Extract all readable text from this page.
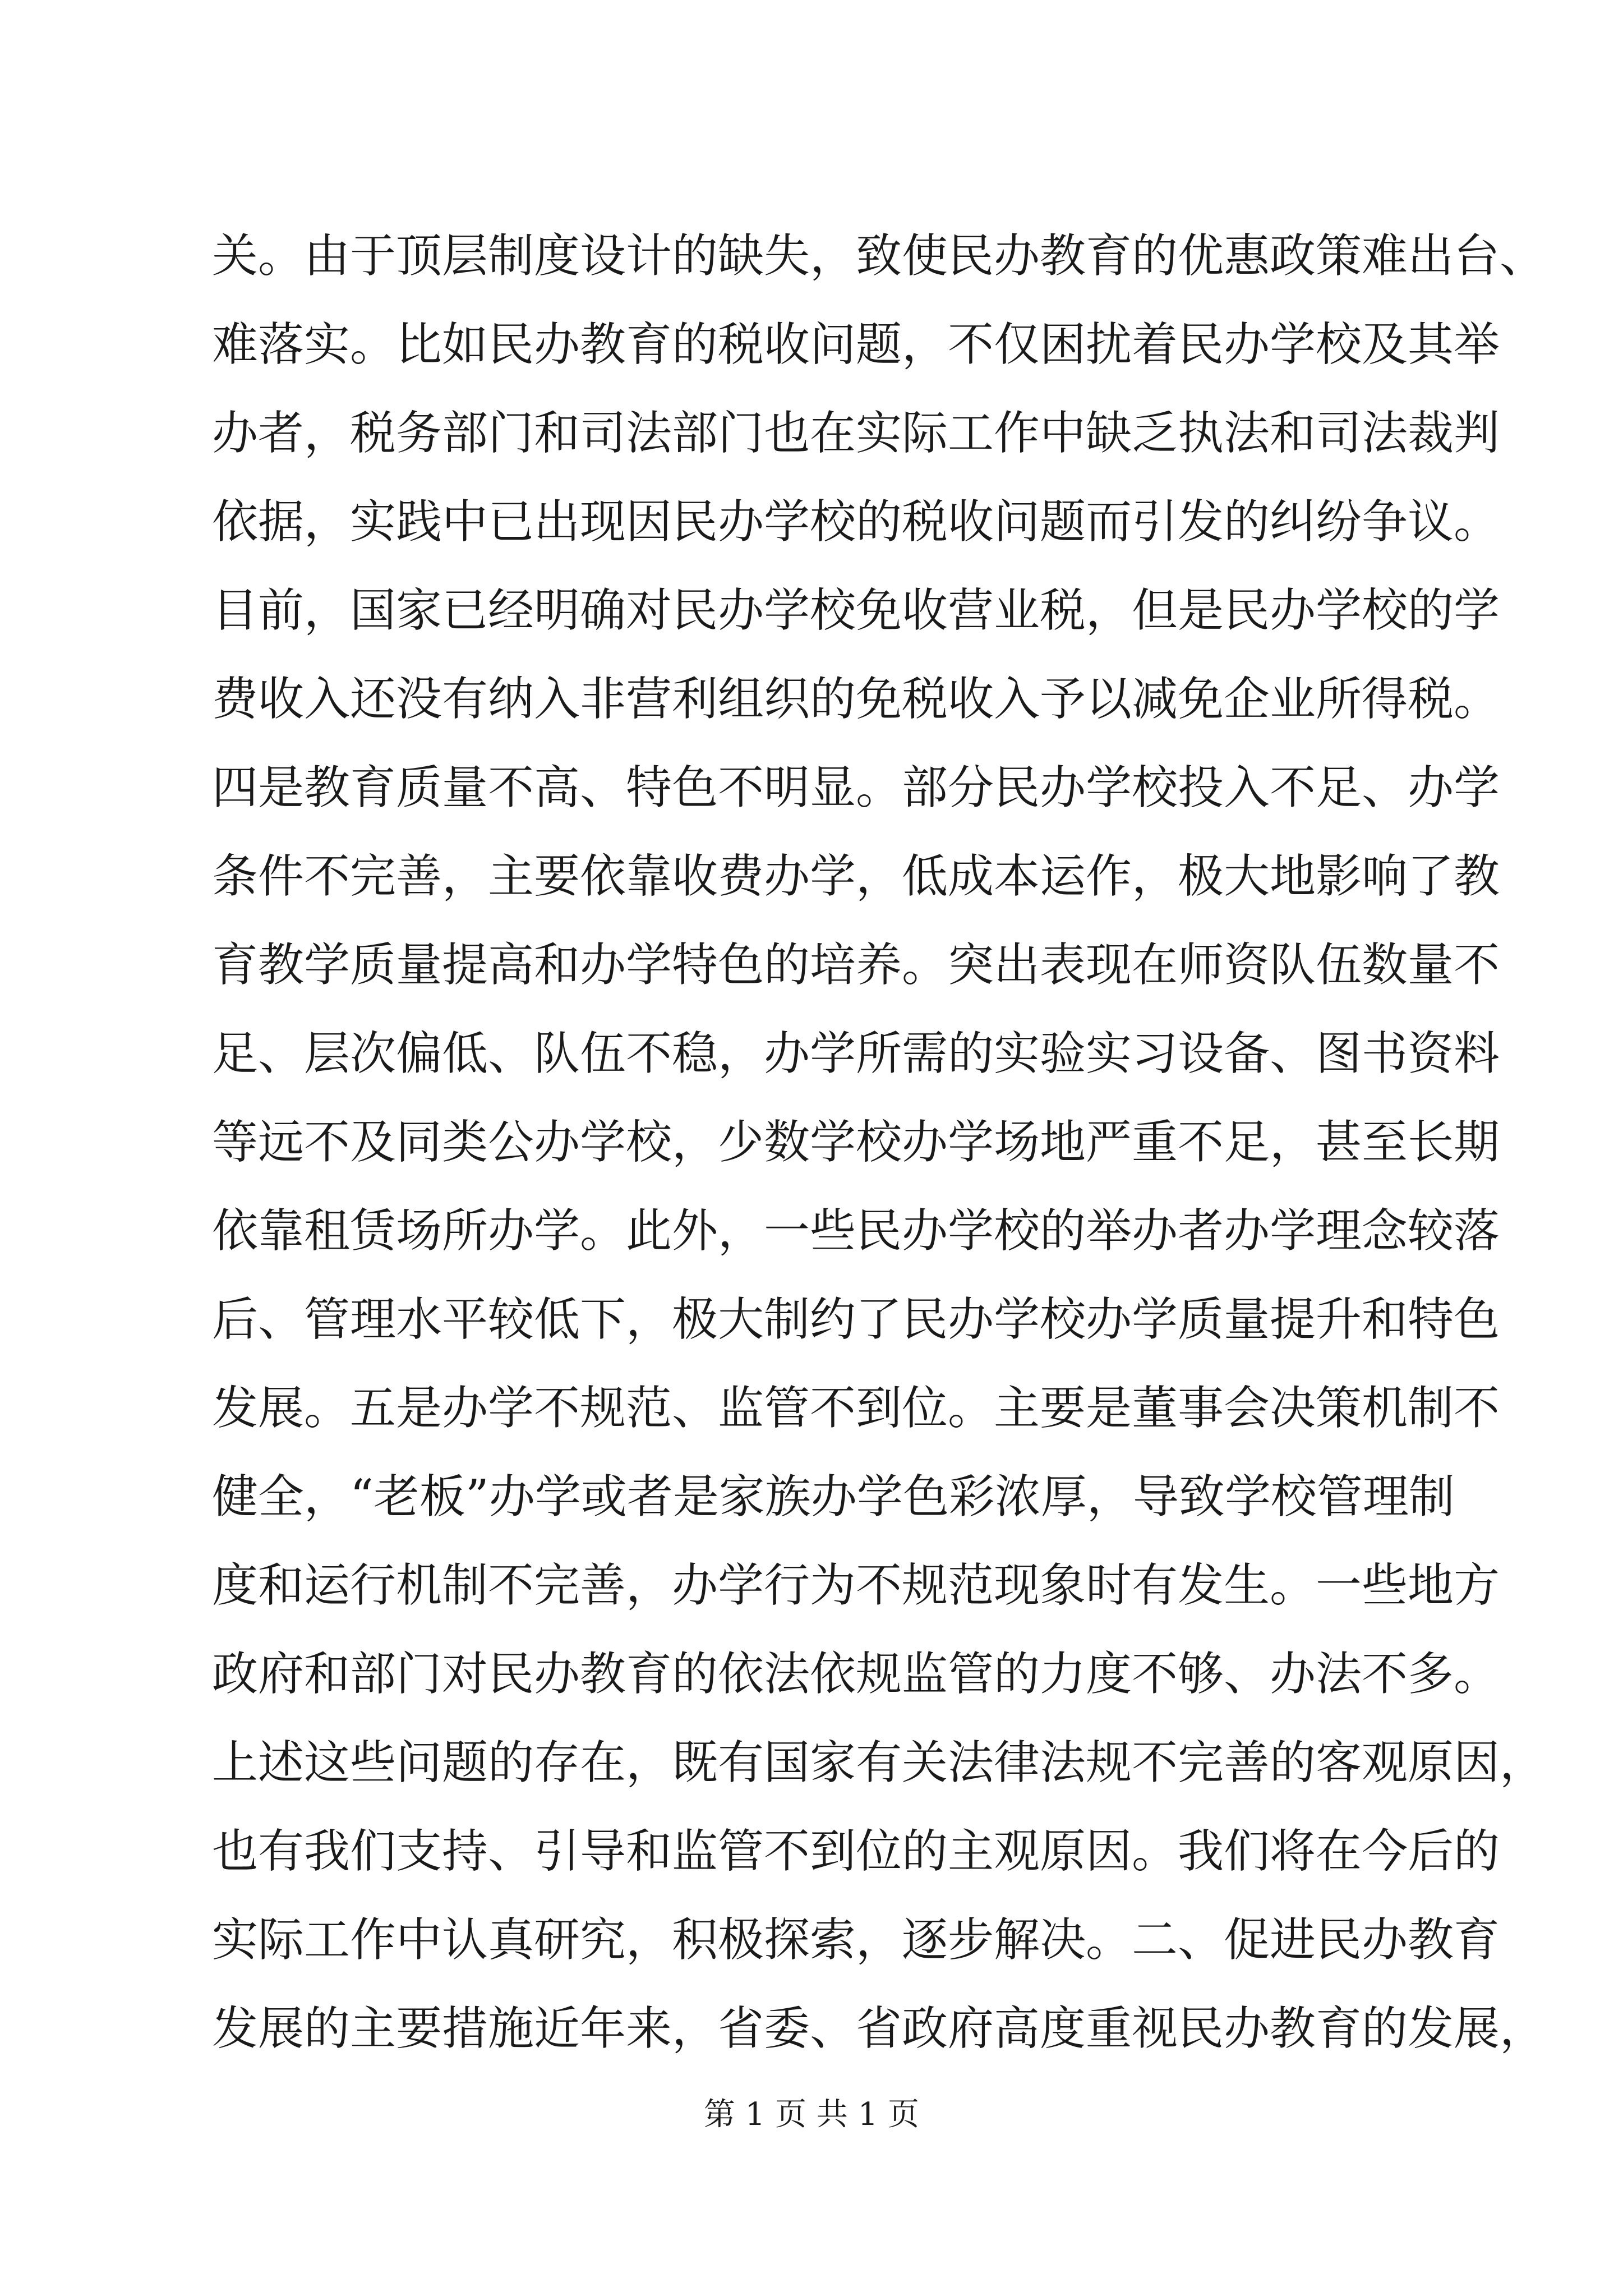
关。由于顶层制度设计的缺失，致使民办教育的优惠政策难出台、
难落实。比如民办教育的税收问题，不仅困扰着民办学校及其举
办者，税务部门和司法部门也在实际工作中缺乏执法和司法裁判
依据，实践中已出现因民办学校的税收问题而引发的纠纷争议。
目前，国家已经明确对民办学校免收营业税，但是民办学校的学
费收入还没有纳入非营利组织的免税收入予以减免企业所得税。
四是教育质量不高、特色不明显。部分民办学校投入不足、办学
条件不完善，主要依靠收费办学，低成本运作，极大地影响了教
育教学质量提高和办学特色的培养。突出表现在师资队伍数量不
足、层次偏低、队伍不稳，办学所需的实验实习设备、图书资料
等远不及同类公办学校，少数学校办学场地严重不足，甚至长期
依靠租赁场所办学。此外，一些民办学校的举办者办学理念较落
后、管理水平较低下，极大制约了民办学校办学质量提升和特色
发展。五是办学不规范、监管不到位。主要是董事会决策机制不
健全，“老板”办学或者是家族办学色彩浓厚，导致学校管理制
度和运行机制不完善，办学行为不规范现象时有发生。一些地方
政府和部门对民办教育的依法依规监管的力度不够、办法不多。
上述这些问题的存在，既有国家有关法律法规不完善的客观原因，
也有我们支持、引导和监管不到位的主观原因。我们将在今后的
实际工作中认真研究，积极探索，逐步解决。二、促进民办教育
发展的主要措施近年来，省委、省政府高度重视民办教育的发展，
第 1 页 共 1 页
